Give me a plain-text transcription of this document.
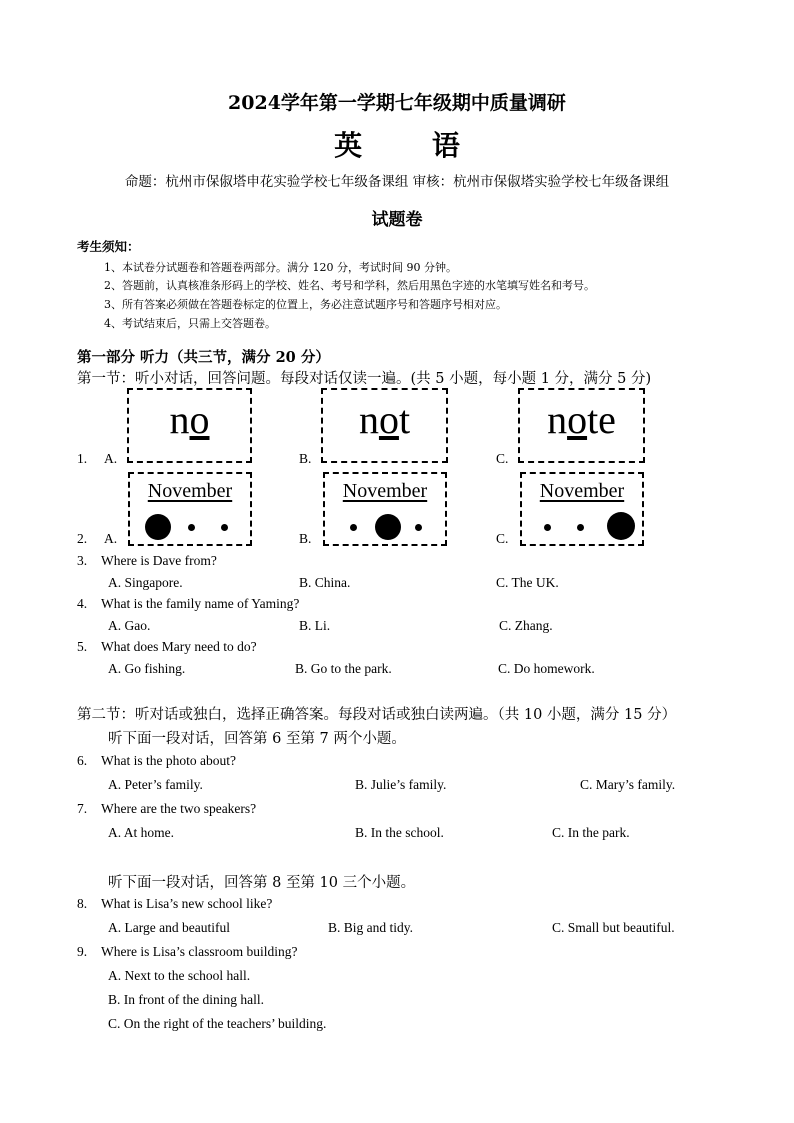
2024学年第一学期七年级期中质量调研
英 语
命题：杭州市保俶塔申花实验学校七年级备课组 审核：杭州市保俶塔实验学校七年级备课组
试题卷
考生须知：
1、本试卷分试题卷和答题卷两部分。满分 120 分，考试时间 90 分钟。
2、答题前，认真核准条形码上的学校、姓名、考号和学科，然后用黑色字迹的水笔填写姓名和考号。
3、所有答案必须做在答题卷标定的位置上，务必注意试题序号和答题序号相对应。
4、考试结束后，只需上交答题卷。
第一部分 听力（共三节，满分 20 分）
第一节：听小对话，回答问题。每段对话仅读一遍。(共 5 小题，每小题 1 分，满分 5 分)
1. A.
no
B.
not
C.
note
2. A.
November
B.
November
C.
November
3. Where is Dave from?
A. Singapore.	B. China.	C. The UK.
4. What is the family name of Yaming?
A. Gao.	B. Li.	C. Zhang.
5. What does Mary need to do?
A. Go fishing.	B. Go to the park.	C. Do homework.
第二节：听对话或独白，选择正确答案。每段对话或独白读两遍。（共 10 小题，满分 15 分）
听下面一段对话，回答第 6 至第 7 两个小题。
6. What is the photo about?
A. Peter’s family.	B. Julie’s family.	C. Mary’s family.
7. Where are the two speakers?
A. At home.	B. In the school.	C. In the park.
听下面一段对话，回答第 8 至第 10 三个小题。
8. What is Lisa’s new school like?
A. Large and beautiful	B. Big and tidy.	C. Small but beautiful.
9. Where is Lisa’s classroom building?
A. Next to the school hall.
B. In front of the dining hall.
C. On the right of the teachers’ building.
